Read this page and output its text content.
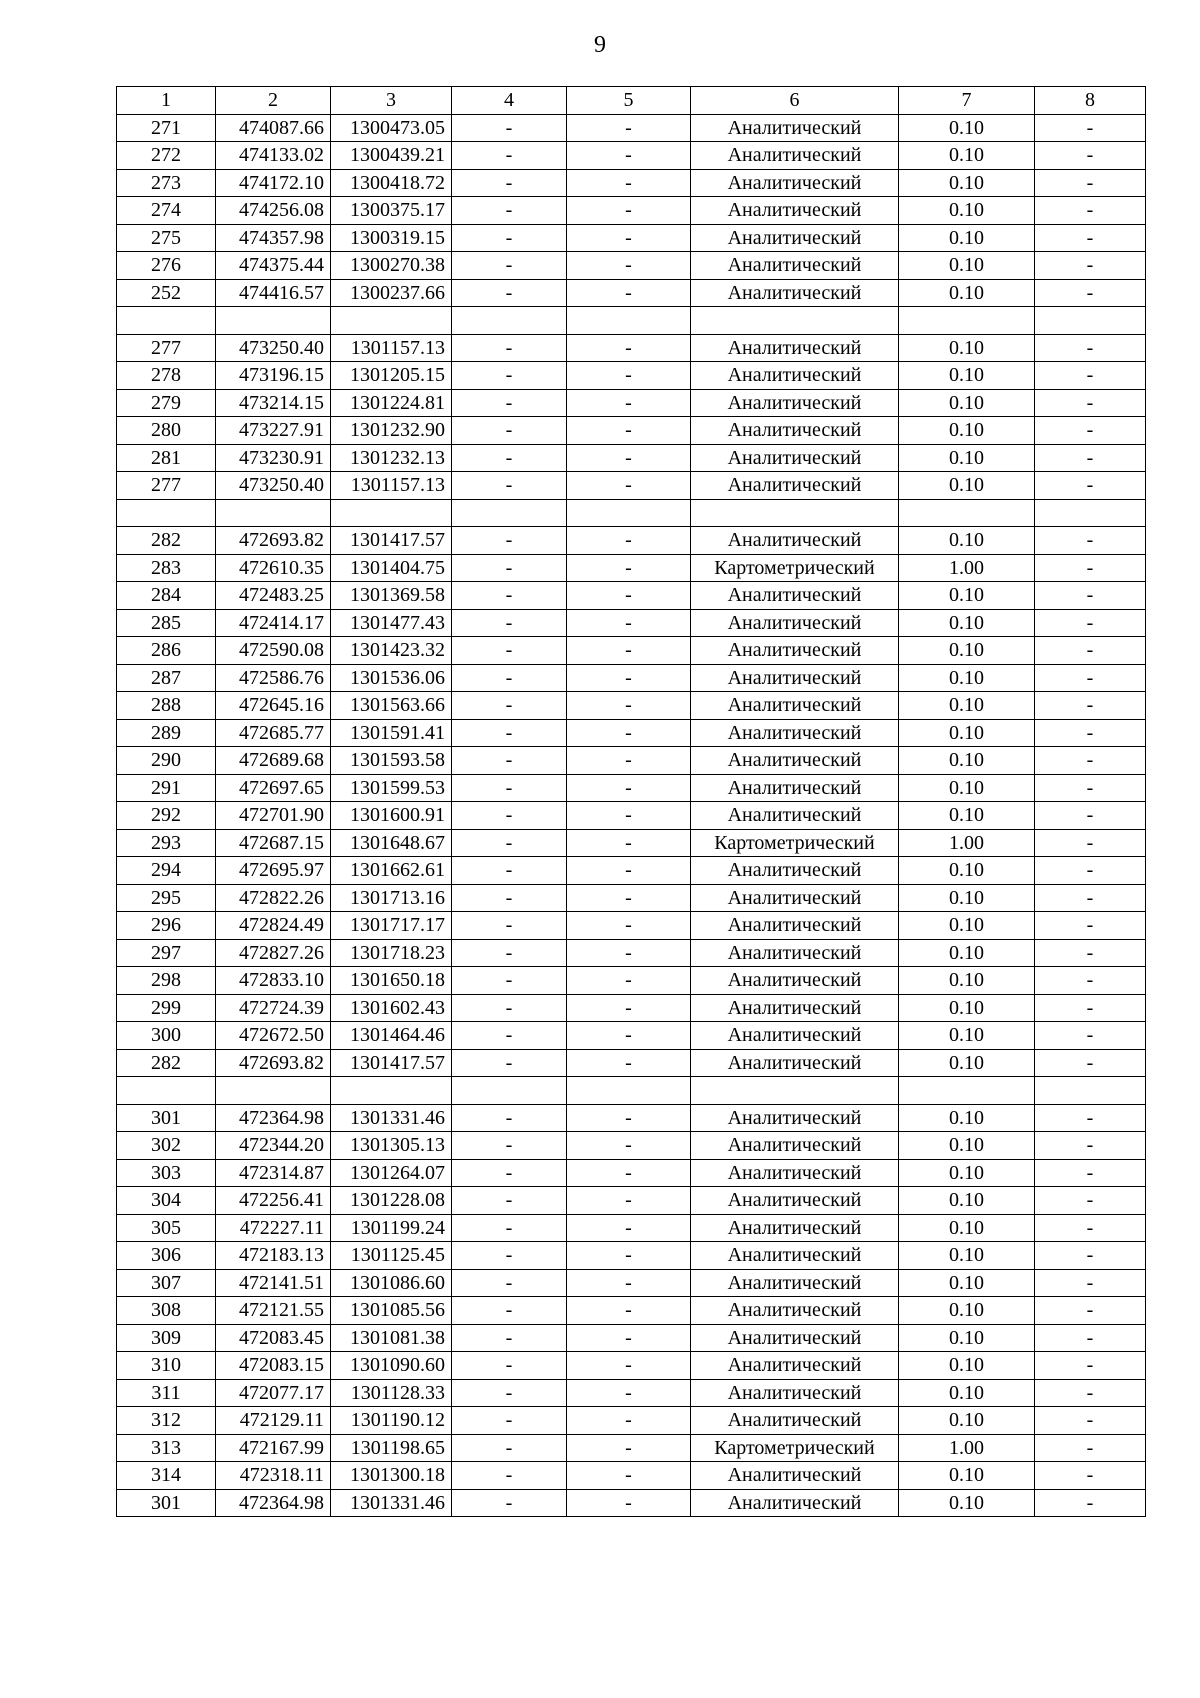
9
1	2	3	4	5	6	7	8
271	474087.66	1300473.05	-	-	Аналитический	0.10	-
272	474133.02	1300439.21	-	-	Аналитический	0.10	-
273	474172.10	1300418.72	-	-	Аналитический	0.10	-
274	474256.08	1300375.17	-	-	Аналитический	0.10	-
275	474357.98	1300319.15	-	-	Аналитический	0.10	-
276	474375.44	1300270.38	-	-	Аналитический	0.10	-
252	474416.57	1300237.66	-	-	Аналитический	0.10	-

277	473250.40	1301157.13	-	-	Аналитический	0.10	-
278	473196.15	1301205.15	-	-	Аналитический	0.10	-
279	473214.15	1301224.81	-	-	Аналитический	0.10	-
280	473227.91	1301232.90	-	-	Аналитический	0.10	-
281	473230.91	1301232.13	-	-	Аналитический	0.10	-
277	473250.40	1301157.13	-	-	Аналитический	0.10	-

282	472693.82	1301417.57	-	-	Аналитический	0.10	-
283	472610.35	1301404.75	-	-	Картометрический	1.00	-
284	472483.25	1301369.58	-	-	Аналитический	0.10	-
285	472414.17	1301477.43	-	-	Аналитический	0.10	-
286	472590.08	1301423.32	-	-	Аналитический	0.10	-
287	472586.76	1301536.06	-	-	Аналитический	0.10	-
288	472645.16	1301563.66	-	-	Аналитический	0.10	-
289	472685.77	1301591.41	-	-	Аналитический	0.10	-
290	472689.68	1301593.58	-	-	Аналитический	0.10	-
291	472697.65	1301599.53	-	-	Аналитический	0.10	-
292	472701.90	1301600.91	-	-	Аналитический	0.10	-
293	472687.15	1301648.67	-	-	Картометрический	1.00	-
294	472695.97	1301662.61	-	-	Аналитический	0.10	-
295	472822.26	1301713.16	-	-	Аналитический	0.10	-
296	472824.49	1301717.17	-	-	Аналитический	0.10	-
297	472827.26	1301718.23	-	-	Аналитический	0.10	-
298	472833.10	1301650.18	-	-	Аналитический	0.10	-
299	472724.39	1301602.43	-	-	Аналитический	0.10	-
300	472672.50	1301464.46	-	-	Аналитический	0.10	-
282	472693.82	1301417.57	-	-	Аналитический	0.10	-

301	472364.98	1301331.46	-	-	Аналитический	0.10	-
302	472344.20	1301305.13	-	-	Аналитический	0.10	-
303	472314.87	1301264.07	-	-	Аналитический	0.10	-
304	472256.41	1301228.08	-	-	Аналитический	0.10	-
305	472227.11	1301199.24	-	-	Аналитический	0.10	-
306	472183.13	1301125.45	-	-	Аналитический	0.10	-
307	472141.51	1301086.60	-	-	Аналитический	0.10	-
308	472121.55	1301085.56	-	-	Аналитический	0.10	-
309	472083.45	1301081.38	-	-	Аналитический	0.10	-
310	472083.15	1301090.60	-	-	Аналитический	0.10	-
311	472077.17	1301128.33	-	-	Аналитический	0.10	-
312	472129.11	1301190.12	-	-	Аналитический	0.10	-
313	472167.99	1301198.65	-	-	Картометрический	1.00	-
314	472318.11	1301300.18	-	-	Аналитический	0.10	-
301	472364.98	1301331.46	-	-	Аналитический	0.10	-
